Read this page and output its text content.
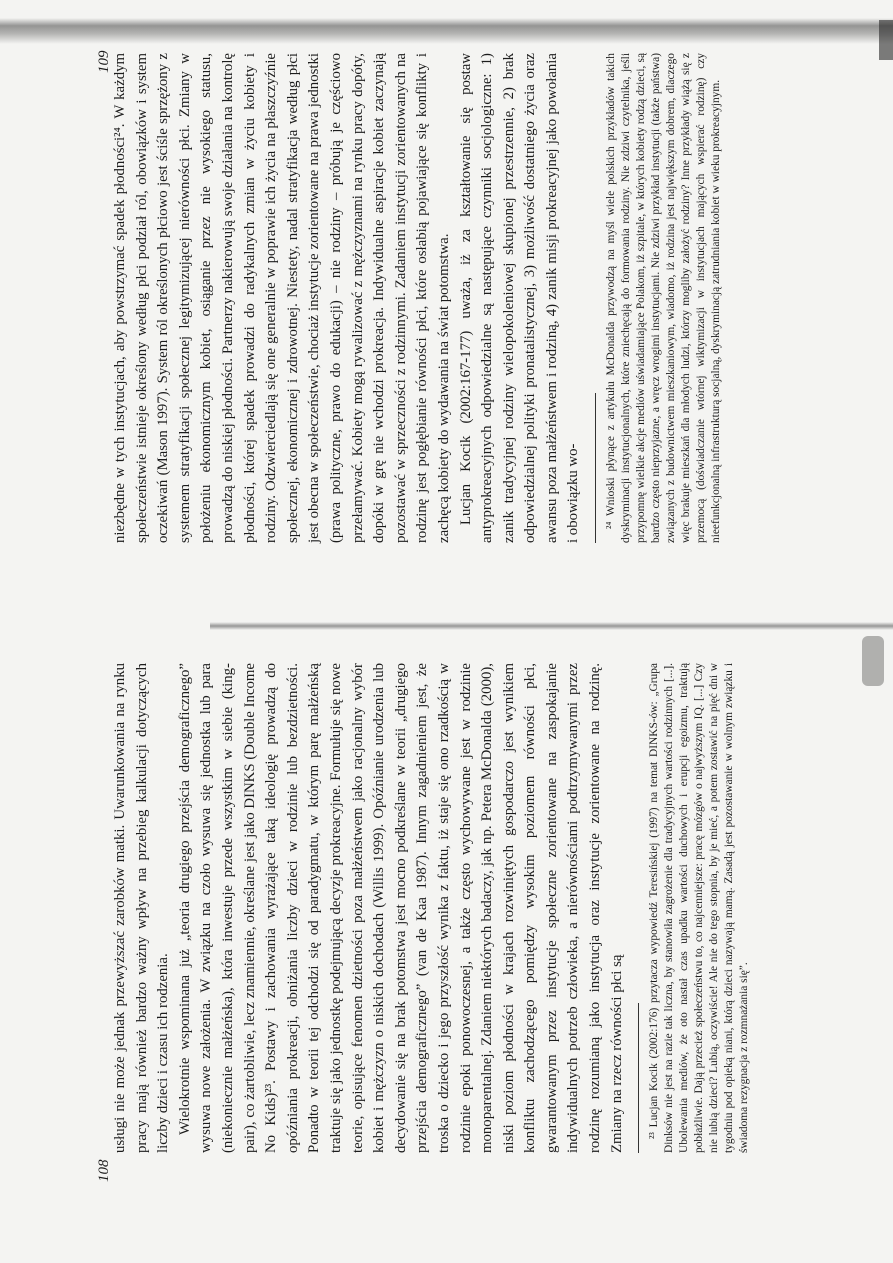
108

usługi nie może jednak przewyższać zarobków matki. Uwarunkowania na rynku pracy mają również bardzo ważny wpływ na przebieg kalkulacji dotyczących liczby dzieci i czasu ich rodzenia. Wielokrotnie wspominana już „teoria drugiego przejścia demograficznego” wysuwa nowe założenia. W związku na czoło wysuwa się jednostka lub para (niekoniecznie małżeńska), która inwestuje przede wszystkim w siebie (king-pair), co żartobliwie, lecz znamiennie, określane jest jako DINKS (Double Income No Kids)²³. Postawy i zachowania wyrażające taką ideologię prowadzą do opóźniania prokreacji, obniżania liczby dzieci w rodzinie lub bezdzietności. Ponadto w teorii tej odchodzi się od paradygmatu, w którym parę małżeńską traktuje się jako jednostkę podejmującą decyzje prokreacyjne. Formułuje się nowe teorie, opisujące fenomen dzietności poza małżeństwem jako racjonalny wybór kobiet i mężczyzn o niskich dochodach (Willis 1999). Opóźnianie urodzenia lub decydowanie się na brak potomstwa jest mocno podkreślane w teorii „drugiego przejścia demograficznego” (van de Kaa 1987). Innym zagadnieniem jest, że troska o dziecko i jego przyszłość wynika z faktu, iż staje się ono rzadkością w rodzinie epoki ponowoczesnej, a także często wychowywane jest w rodzinie monoparentalnej. Zdaniem niektórych badaczy, jak np. Petera McDonalda (2000), niski poziom płodności w krajach rozwiniętych gospodarczo jest wynikiem konfliktu zachodzącego pomiędzy wysokim poziomem równości płci, gwarantowanym przez instytucje społeczne zorientowane na zaspokajanie indywidualnych potrzeb człowieka, a nierównościami podtrzymywanymi przez rodzinę rozumianą jako instytucja oraz instytucje zorientowane na rodzinę. Zmiany na rzecz równości płci są	²³ Lucjan Kocik (2002:176) przytacza wypowiedź Teresińskiej (1997) na temat DINKS-ów: „Grupa Dinksów nie jest na razie tak liczna, by stanowiła zagrożenie dla tradycyjnych wartości rodzinnych [...]. Ubolewania mediów, że oto nastał czas upadku wartości duchowych i erupcji egoizmu, traktują pobłażliwie. Dają przecież społeczeństwu to, co najcenniejsze: pracę mózgów o najwyższym IQ. [...] Czy nie lubią dzieci? Lubią, oczywiście! Ale nie do tego stopnia, by je mieć, a potem zostawić na pięć dni w tygodniu pod opieką niani, którą dzieci nazywają mamą. Zasadą jest pozostawanie w wolnym związku i świadoma rezygnacja z rozmnażania się”.

109 niezbędne w tych instytucjach, aby powstrzymać spadek płodności²⁴. W każdym społeczeństwie istnieje określony według płci podział ról, obowiązków i system oczekiwań (Mason 1997). System ról określonych płciowo jest ściśle sprzężony z systemem stratyfikacji społecznej legitymizującej nierówności płci. Zmiany w położeniu ekonomicznym kobiet, osiąganie przez nie wysokiego statusu, prowadzą do niskiej płodności. Partnerzy nakierowują swoje działania na kontrolę płodności, której spadek prowadzi do radykalnych zmian w życiu kobiety i rodziny. Odzwierciedlają się one generalnie w poprawie ich życia na płaszczyźnie społecznej, ekonomicznej i zdrowotnej. Niestety, nadal stratyfikacja według płci jest obecna w społeczeństwie, chociaż instytucje zorientowane na prawa jednostki (prawa polityczne, prawo do edukacji) – nie rodziny – próbują je częściowo przełamywać. Kobiety mogą rywalizować z mężczyznami na rynku pracy dopóty, dopóki w grę nie wchodzi prokreacja. Indywidualne aspiracje kobiet zaczynają pozostawać w sprzeczności z rodzinnymi. Zadaniem instytucji zorientowanych na rodzinę jest pogłębianie równości płci, które osłabią pojawiające się konflikty i zachęcą kobiety do wydawania na świat potomstwa. Lucjan Kocik (2002:167-177) uważa, iż za kształtowanie się postaw antyprokreacyjnych odpowiedzialne są następujące czynniki socjologiczne: 1) zanik tradycyjnej rodziny wielopokoleniowej skupionej przestrzennie, 2) brak odpowiedzialnej polityki pronatalistycznej, 3) możliwość dostatniego życia oraz awansu poza małżeństwem i rodziną, 4) zanik misji prokreacyjnej jako powołania i obowiązku wo-	²⁴ Wnioski płynące z artykułu McDonalda przywodzą na myśl wiele polskich przykładów takich dyskryminacji instytucjonalnych, które zniechęcają do formowania rodziny. Nie zdziwi czytelnika, jeśli przypomnę wielkie akcje mediów uświadamiające Polakom, iż szpitale, w których kobiety rodzą dzieci, są bardzo często nieprzyjazne, a wręcz wrogimi instytucjami. Nie zdziwi przykład instytucji (także państwa) związanych z budownictwem mieszkaniowym, wiadomo, iż rodzina jest największym dobrem, dlaczego więc brakuje mieszkań dla młodych ludzi, którzy mogliby założyć rodziny? Inne przykłady wiążą się z przemocą (doświadczanie wtórnej wiktymizacji w instytucjach mających wspierać rodzinę) czy nieefunkcjonalną infrastrukturą socjalną, dyskryminacją zatrudniania kobiet w wieku prokreacyjnym.
